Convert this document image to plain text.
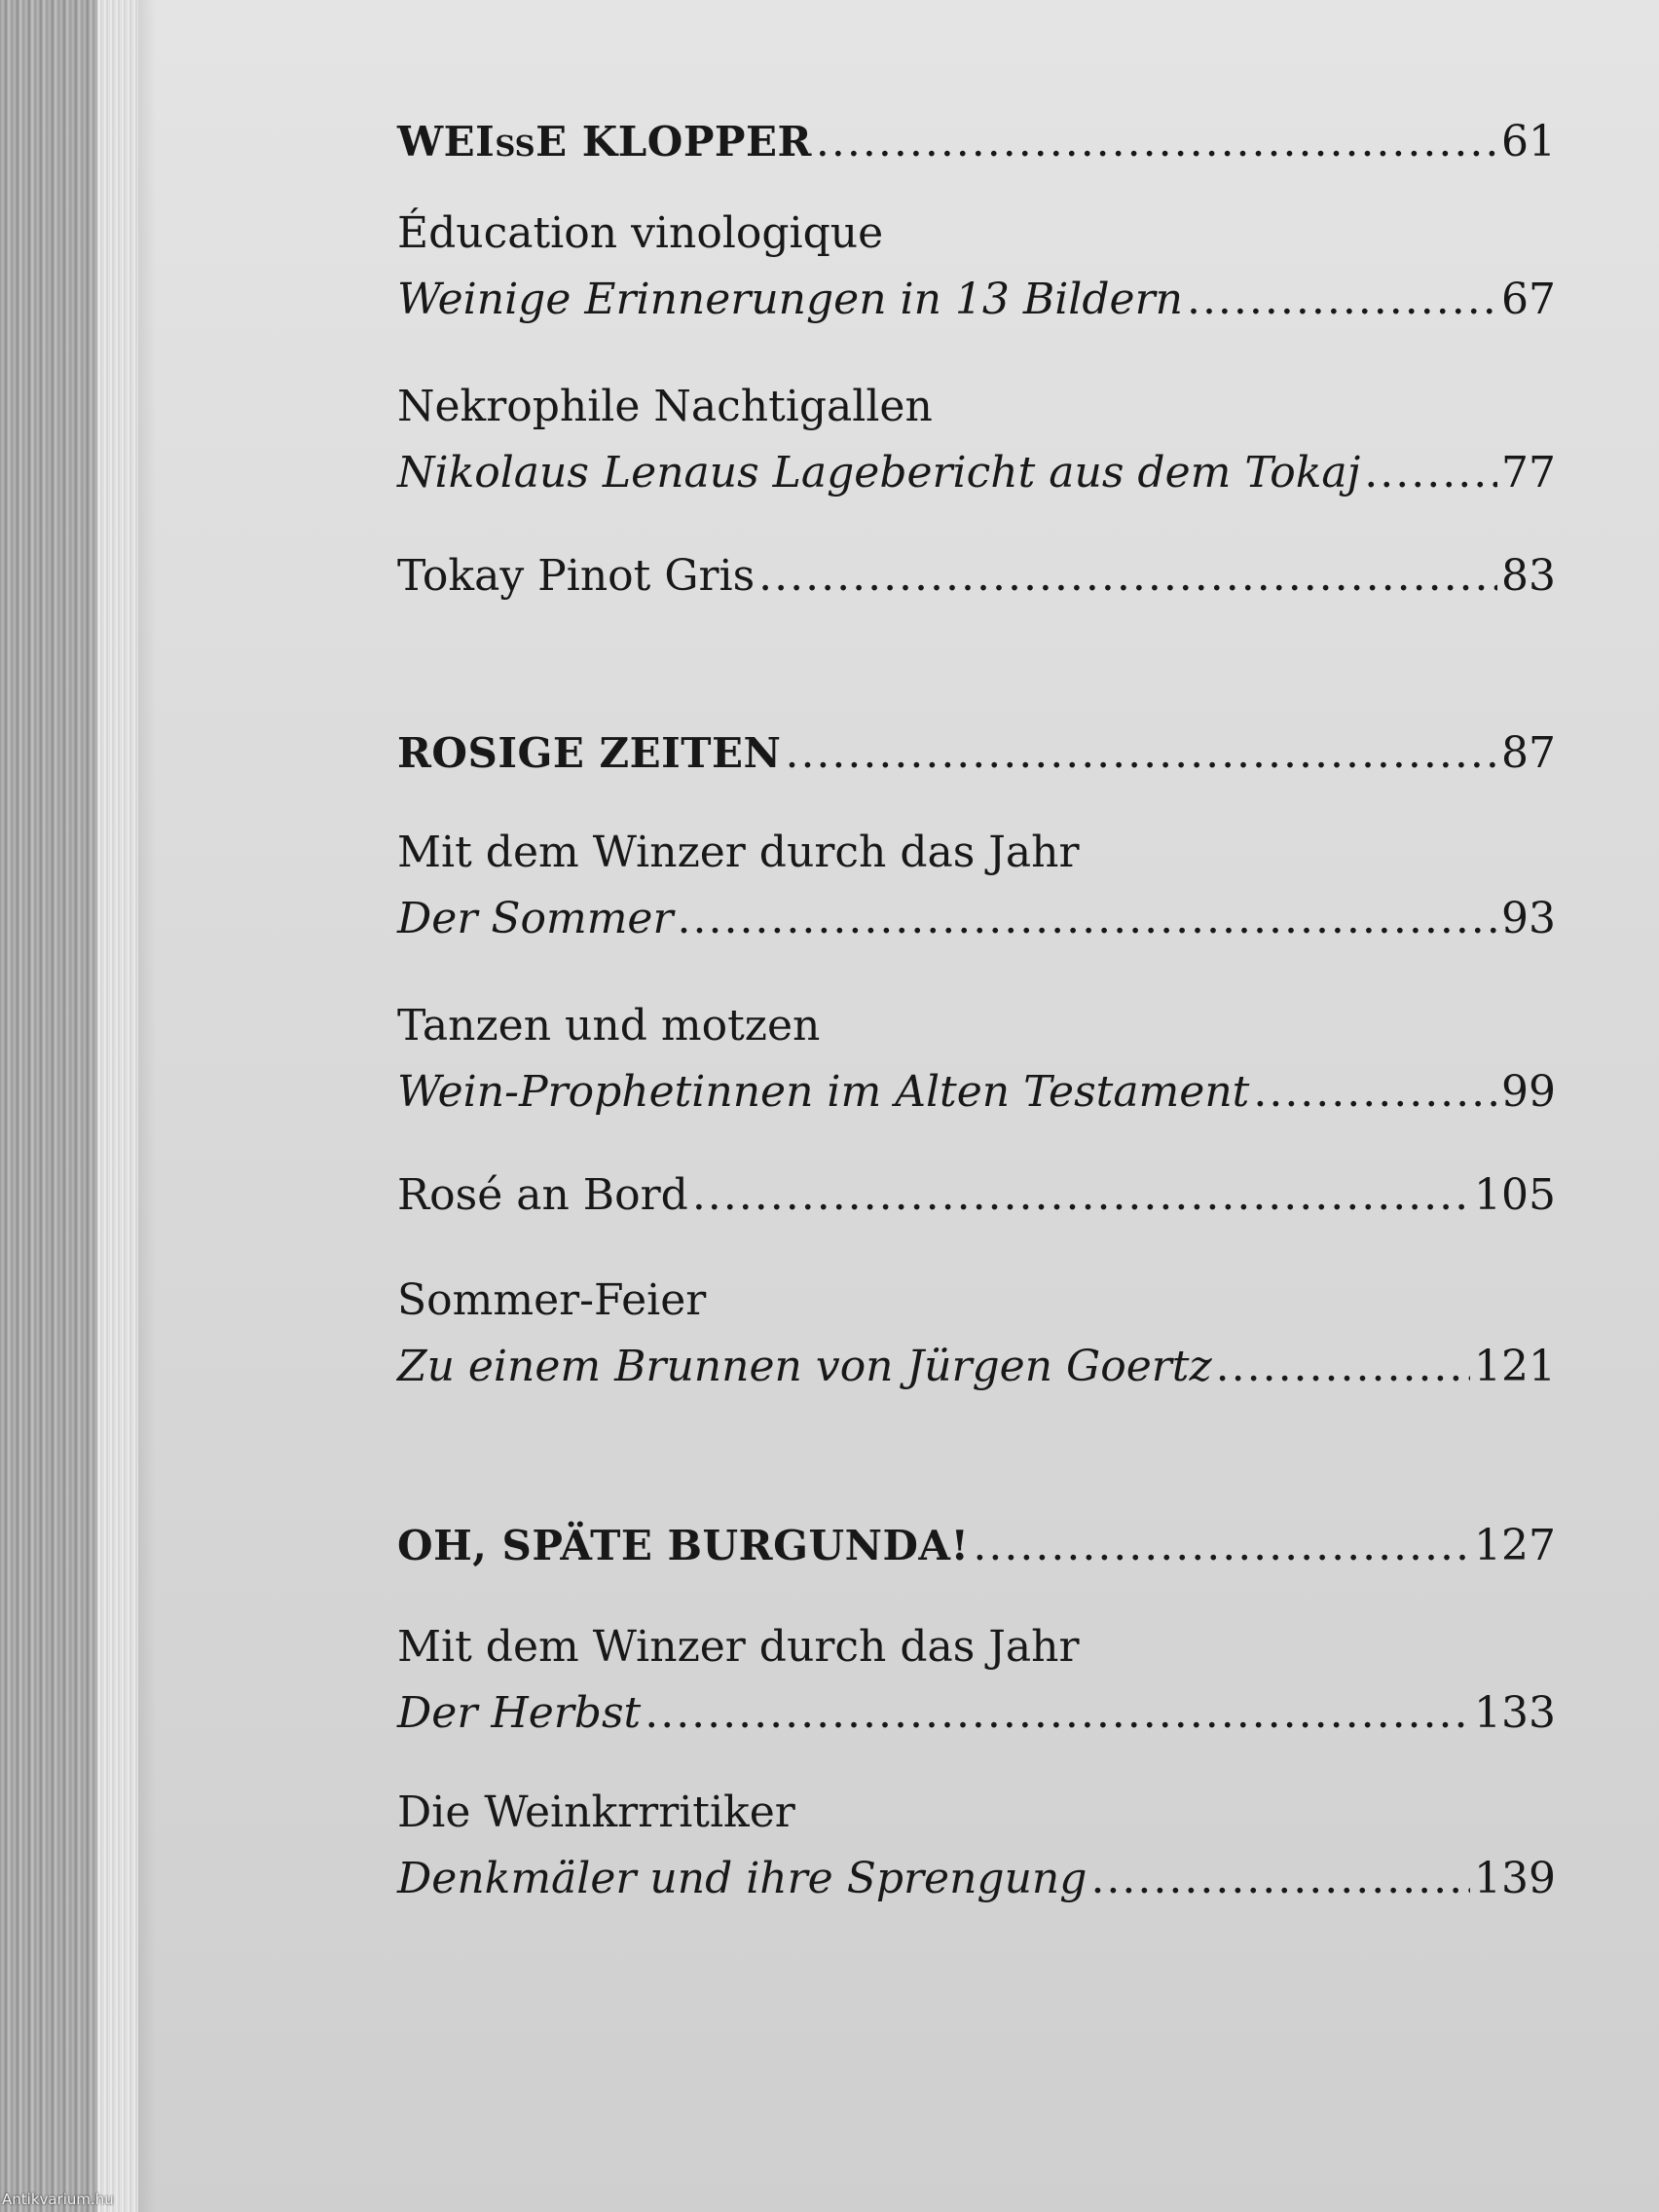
WEIßE KLOPPER .....	61
Éducation vinologique
Weinige Erinnerungen in 13 Bildern .....	67
Nekrophile Nachtigallen
Nikolaus Lenaus Lagebericht aus dem Tokaj .....	77
Tokay Pinot Gris .....	83
ROSIGE ZEITEN .....	87
Mit dem Winzer durch das Jahr
Der Sommer .....	93
Tanzen und motzen
Wein-Prophetinnen im Alten Testament .....	99
Rosé an Bord .....	105
Sommer-Feier
Zu einem Brunnen von Jürgen Goertz .....	121
OH, SPÄTE BURGUNDA! .....	127
Mit dem Winzer durch das Jahr
Der Herbst .....	133
Die Weinkrrritiker
Denkmäler und ihre Sprengung .....	139
Antikvarium.hu
